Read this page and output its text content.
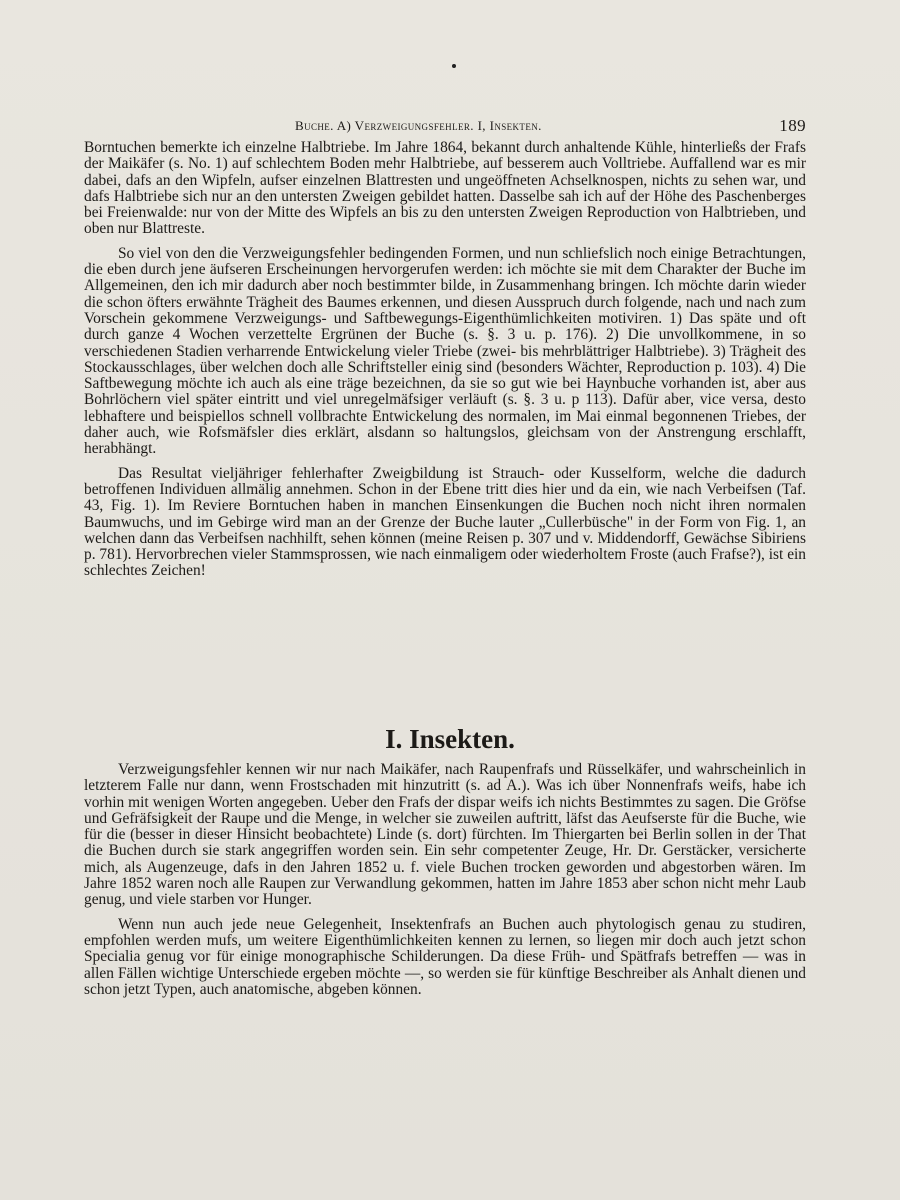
Buche. A) Verzweigungsfehler. I, Insekten.	189

Borntuchen bemerkte ich einzelne Halbtriebe. Im Jahre 1864, bekannt durch anhaltende Kühle, hinterließs der Frafs der Maikäfer (s. No. 1) auf schlechtem Boden mehr Halbtriebe, auf besserem auch Volltriebe. Auffallend war es mir dabei, dafs an den Wipfeln, aufser einzelnen Blattresten und ungeöffneten Achselknospen, nichts zu sehen war, und dafs Halbtriebe sich nur an den untersten Zweigen gebildet hatten. Dasselbe sah ich auf der Höhe des Paschenberges bei Freienwalde: nur von der Mitte des Wipfels an bis zu den untersten Zweigen Reproduction von Halbtrieben, und oben nur Blattreste.

So viel von den die Verzweigungsfehler bedingenden Formen, und nun schliefslich noch einige Betrachtungen, die eben durch jene äufseren Erscheinungen hervorgerufen werden: ich möchte sie mit dem Charakter der Buche im Allgemeinen, den ich mir dadurch aber noch bestimmter bilde, in Zusammenhang bringen. Ich möchte darin wieder die schon öfters erwähnte Trägheit des Baumes erkennen, und diesen Ausspruch durch folgende, nach und nach zum Vorschein gekommene Verzweigungs- und Saftbewegungs-Eigenthümlichkeiten motiviren. 1) Das späte und oft durch ganze 4 Wochen verzettelte Ergrünen der Buche (s. §. 3 u. p. 176). 2) Die unvollkommene, in so verschiedenen Stadien verharrende Entwickelung vieler Triebe (zwei- bis mehrblättriger Halbtriebe). 3) Trägheit des Stockausschlages, über welchen doch alle Schriftsteller einig sind (besonders Wächter, Reproduction p. 103). 4) Die Saftbewegung möchte ich auch als eine träge bezeichnen, da sie so gut wie bei Haynbuche vorhanden ist, aber aus Bohrlöchern viel später eintritt und viel unregelmäfsiger verläuft (s. §. 3 u. p 113). Dafür aber, vice versa, desto lebhaftere und beispiellos schnell vollbrachte Entwickelung des normalen, im Mai einmal begonnenen Triebes, der daher auch, wie Rofsmäfsler dies erklärt, alsdann so haltungslos, gleichsam von der Anstrengung erschlafft, herabhängt.

Das Resultat vieljähriger fehlerhafter Zweigbildung ist Strauch- oder Kusselform, welche die dadurch betroffenen Individuen allmälig annehmen. Schon in der Ebene tritt dies hier und da ein, wie nach Verbeifsen (Taf. 43, Fig. 1). Im Reviere Borntuchen haben in manchen Einsenkungen die Buchen noch nicht ihren normalen Baumwuchs, und im Gebirge wird man an der Grenze der Buche lauter „Cullerbüsche" in der Form von Fig. 1, an welchen dann das Verbeifsen nachhilft, sehen können (meine Reisen p. 307 und v. Middendorff, Gewächse Sibiriens p. 781). Hervorbrechen vieler Stammsprossen, wie nach einmaligem oder wiederholtem Froste (auch Frafse?), ist ein schlechtes Zeichen!

I. Insekten.

Verzweigungsfehler kennen wir nur nach Maikäfer, nach Raupenfrafs und Rüsselkäfer, und wahrscheinlich in letzterem Falle nur dann, wenn Frostschaden mit hinzutritt (s. ad A.). Was ich über Nonnenfrafs weifs, habe ich vorhin mit wenigen Worten angegeben. Ueber den Frafs der dispar weifs ich nichts Bestimmtes zu sagen. Die Gröfse und Gefräfsigkeit der Raupe und die Menge, in welcher sie zuweilen auftritt, läfst das Aeufserste für die Buche, wie für die (besser in dieser Hinsicht beobachtete) Linde (s. dort) fürchten. Im Thiergarten bei Berlin sollen in der That die Buchen durch sie stark angegriffen worden sein. Ein sehr competenter Zeuge, Hr. Dr. Gerstäcker, versicherte mich, als Augenzeuge, dafs in den Jahren 1852 u. f. viele Buchen trocken geworden und abgestorben wären. Im Jahre 1852 waren noch alle Raupen zur Verwandlung gekommen, hatten im Jahre 1853 aber schon nicht mehr Laub genug, und viele starben vor Hunger.

Wenn nun auch jede neue Gelegenheit, Insektenfrafs an Buchen auch phytologisch genau zu studiren, empfohlen werden mufs, um weitere Eigenthümlichkeiten kennen zu lernen, so liegen mir doch auch jetzt schon Specialia genug vor für einige monographische Schilderungen. Da diese Früh- und Spätfrafs betreffen — was in allen Fällen wichtige Unterschiede ergeben möchte —, so werden sie für künftige Beschreiber als Anhalt dienen und schon jetzt Typen, auch anatomische, abgeben können.
